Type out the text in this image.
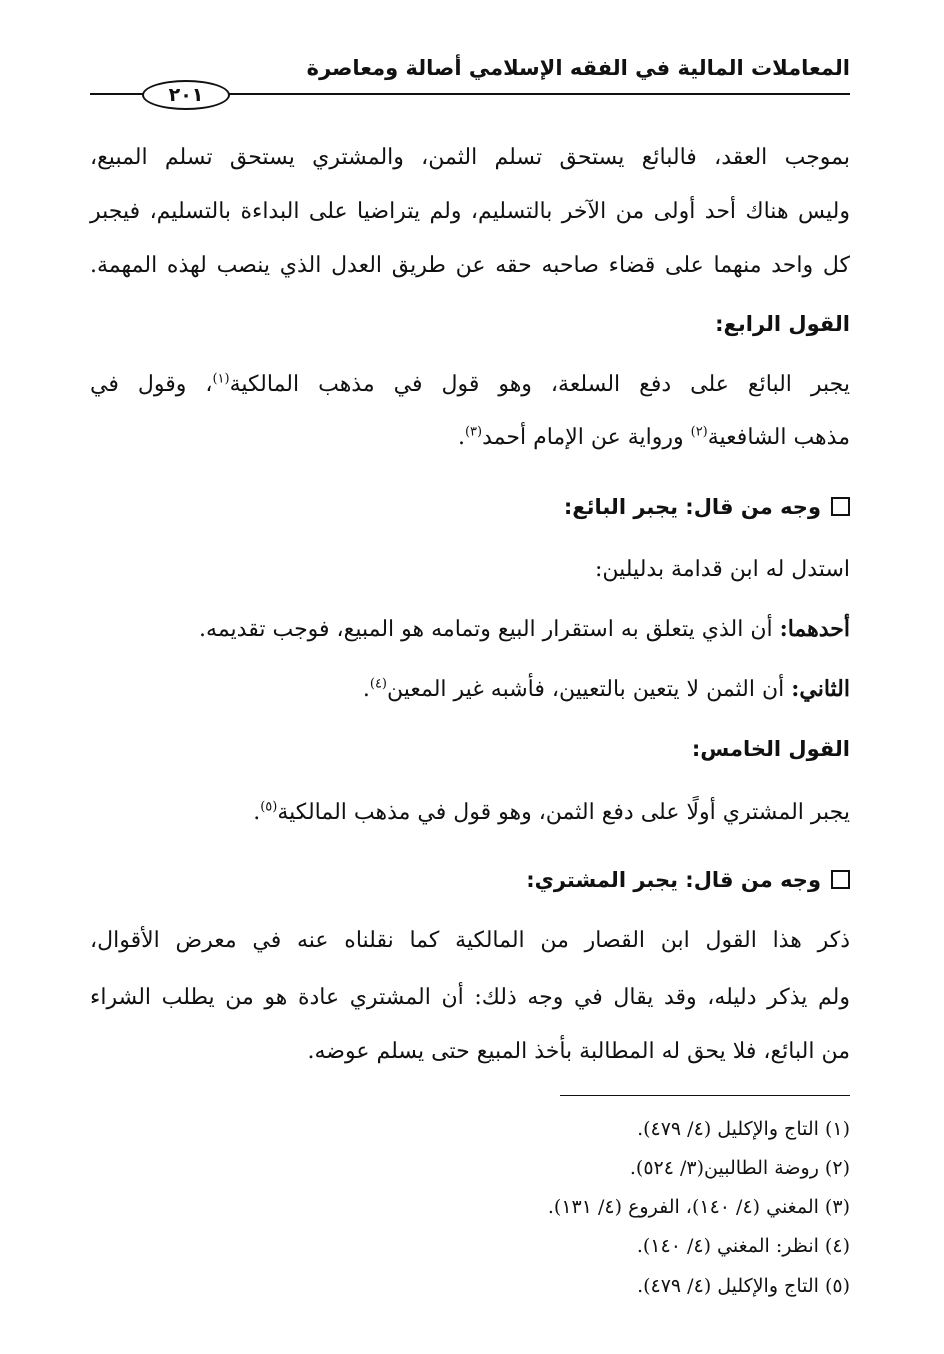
المعاملات المالية في الفقه الإسلامي أصالة ومعاصرة
٢٠١
بموجب العقد، فالبائع يستحق تسلم الثمن، والمشتري يستحق تسلم المبيع،
وليس هناك أحد أولى من الآخر بالتسليم، ولم يتراضيا على البداءة بالتسليم، فيجبر
كل واحد منهما على قضاء صاحبه حقه عن طريق العدل الذي ينصب لهذه المهمة.
القول الرابع:
يجبر البائع على دفع السلعة، وهو قول في مذهب المالكية$^{(١)}$، وقول في
مذهب الشافعية$^{(٢)}$ ورواية عن الإمام أحمد$^{(٣)}$.
وجه من قال: يجبر البائع:
استدل له ابن قدامة بدليلين:
أحدهما: أن الذي يتعلق به استقرار البيع وتمامه هو المبيع، فوجب تقديمه.
الثاني: أن الثمن لا يتعين بالتعيين، فأشبه غير المعين$^{(٤)}$.
القول الخامس:
يجبر المشتري أولًا على دفع الثمن، وهو قول في مذهب المالكية$^{(٥)}$.
وجه من قال: يجبر المشتري:
ذكر هذا القول ابن القصار من المالكية كما نقلناه عنه في معرض الأقوال،
ولم يذكر دليله، وقد يقال في وجه ذلك: أن المشتري عادة هو من يطلب الشراء
من البائع، فلا يحق له المطالبة بأخذ المبيع حتى يسلم عوضه.
(١) التاج والإكليل (٤/ ٤٧٩).
(٢) روضة الطالبين(٣/ ٥٢٤).
(٣) المغني (٤/ ١٤٠)، الفروع (٤/ ١٣١).
(٤) انظر: المغني (٤/ ١٤٠).
(٥) التاج والإكليل (٤/ ٤٧٩).
